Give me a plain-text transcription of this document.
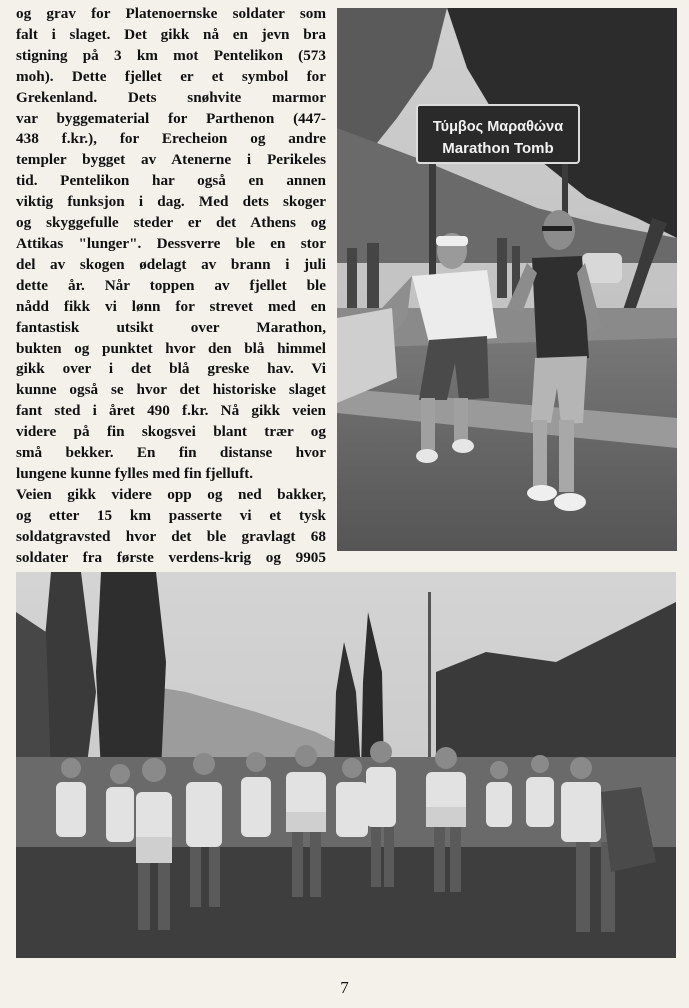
og grav for Platenoernske soldater som
falt i slaget. Det gikk nå en jevn bra
stigning på 3 km mot Pentelikon (573
moh). Dette fjellet er et symbol for
Grekenland. Dets snøhvite marmor
var byggematerial for Parthenon (447-
438 f.kr.), for Erecheion og andre
templer bygget av Atenerne i Perikeles
tid. Pentelikon har også en annen
viktig funksjon i dag. Med dets skoger
og skyggefulle steder er det Athens og
Attikas "lunger". Dessverre ble en stor
del av skogen ødelagt av brann i juli
dette år. Når toppen av fjellet ble
nådd fikk vi lønn for strevet med en
fantastisk utsikt over Marathon,
bukten og punktet hvor den blå himmel
gikk over i det blå greske hav. Vi
kunne også se hvor det historiske slaget
fant sted i året 490 f.kr. Nå gikk veien
videre på fin skogsvei blant trær og
små bekker. En fin distanse hvor
lungene kunne fylles med fin fjelluft.
Veien gikk videre opp og ned bakker,
og etter 15 km passerte vi et tysk
soldatgravsted hvor det ble gravlagt 68
soldater fra første verdens-krig og 9905
Τύμβος Μαραθώνα
Marathon Tomb
7
